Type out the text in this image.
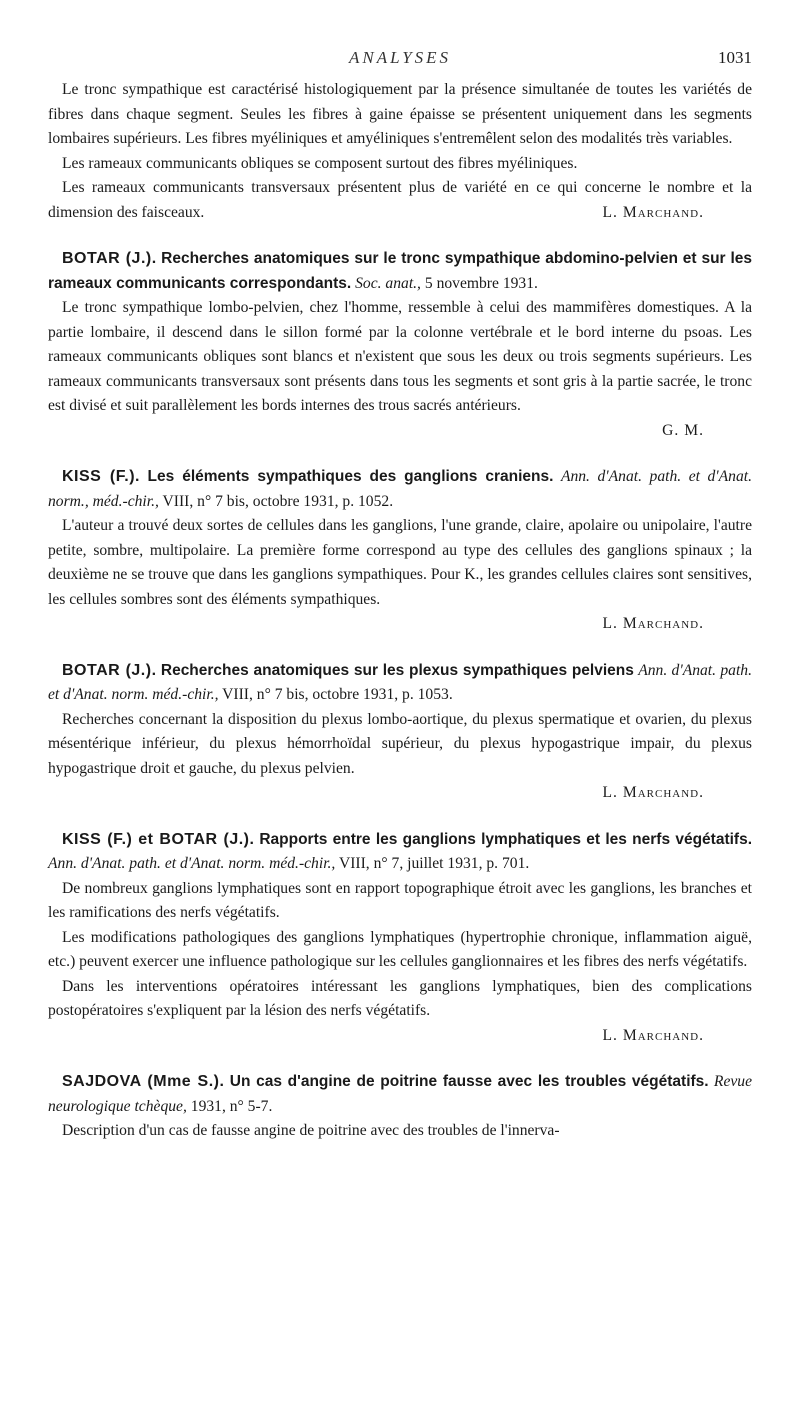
ANALYSES	1031

Le tronc sympathique est caractérisé histologiquement par la présence simultanée de toutes les variétés de fibres dans chaque segment. Seules les fibres à gaine épaisse se présentent uniquement dans les segments lombaires supérieurs. Les fibres myéliniques et amyéliniques s'entremêlent selon des modalités très variables.

Les rameaux communicants obliques se composent surtout des fibres myéliniques.

Les rameaux communicants transversaux présentent plus de variété en ce qui concerne le nombre et la dimension des faisceaux.	L. Marchand.

BOTAR (J.). Recherches anatomiques sur le tronc sympathique abdomino-pelvien et sur les rameaux communicants correspondants. Soc. anat., 5 novembre 1931.

Le tronc sympathique lombo-pelvien, chez l'homme, ressemble à celui des mammifères domestiques. A la partie lombaire, il descend dans le sillon formé par la colonne vertébrale et le bord interne du psoas. Les rameaux communicants obliques sont blancs et n'existent que sous les deux ou trois segments supérieurs. Les rameaux communicants transversaux sont présents dans tous les segments et sont gris à la partie sacrée, le tronc est divisé et suit parallèlement les bords internes des trous sacrés antérieurs.

G. M.

KISS (F.). Les éléments sympathiques des ganglions craniens. Ann. d'Anat. path. et d'Anat. norm., méd.-chir., VIII, n° 7 bis, octobre 1931, p. 1052.

L'auteur a trouvé deux sortes de cellules dans les ganglions, l'une grande, claire, apolaire ou unipolaire, l'autre petite, sombre, multipolaire. La première forme correspond au type des cellules des ganglions spinaux ; la deuxième ne se trouve que dans les ganglions sympathiques. Pour K., les grandes cellules claires sont sensitives, les cellules sombres sont des éléments sympathiques.

L. Marchand.

BOTAR (J.). Recherches anatomiques sur les plexus sympathiques pelviens Ann. d'Anat. path. et d'Anat. norm. méd.-chir., VIII, n° 7 bis, octobre 1931, p. 1053.

Recherches concernant la disposition du plexus lombo-aortique, du plexus spermatique et ovarien, du plexus mésentérique inférieur, du plexus hémorrhoïdal supérieur, du plexus hypogastrique impair, du plexus hypogastrique droit et gauche, du plexus pelvien.

L. Marchand.

KISS (F.) et BOTAR (J.). Rapports entre les ganglions lymphatiques et les nerfs végétatifs. Ann. d'Anat. path. et d'Anat. norm. méd.-chir., VIII, n° 7, juillet 1931, p. 701.

De nombreux ganglions lymphatiques sont en rapport topographique étroit avec les ganglions, les branches et les ramifications des nerfs végétatifs.

Les modifications pathologiques des ganglions lymphatiques (hypertrophie chronique, inflammation aiguë, etc.) peuvent exercer une influence pathologique sur les cellules ganglionnaires et les fibres des nerfs végétatifs.

Dans les interventions opératoires intéressant les ganglions lymphatiques, bien des complications postopératoires s'expliquent par la lésion des nerfs végétatifs.

L. Marchand.

SAJDOVA (Mme S.). Un cas d'angine de poitrine fausse avec les troubles végétatifs. Revue neurologique tchèque, 1931, n° 5-7.

Description d'un cas de fausse angine de poitrine avec des troubles de l'innerva-
